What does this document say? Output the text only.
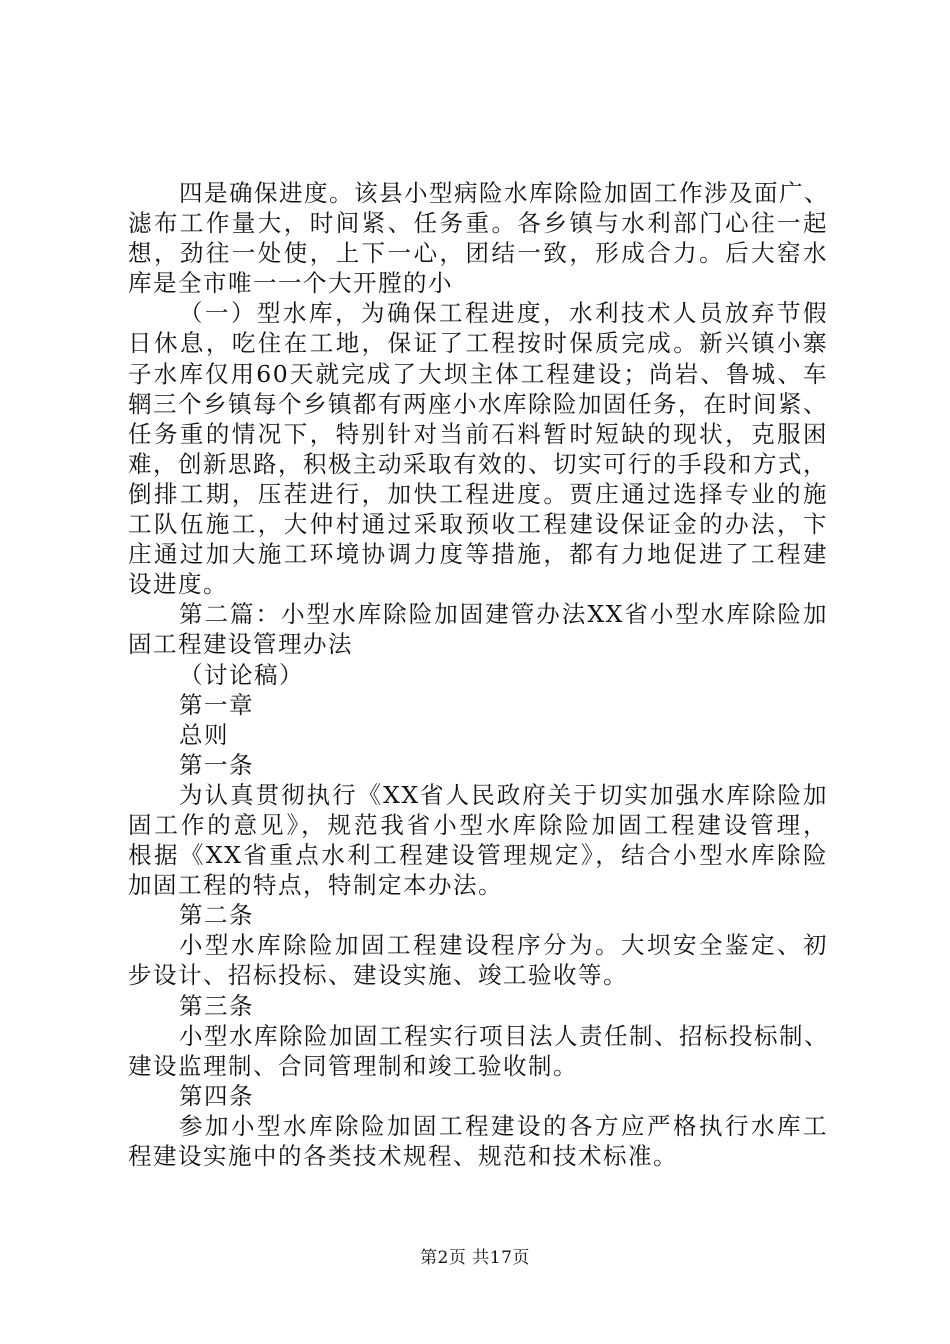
四是确保进度。该县小型病险水库除险加固工作涉及面广、
滤布工作量大，时间紧、任务重。各乡镇与水利部门心往一起
想，劲往一处使，上下一心，团结一致，形成合力。后大窑水
库是全市唯一一个大开膛的小
（一）型水库，为确保工程进度，水利技术人员放弃节假
日休息，吃住在工地，保证了工程按时保质完成。新兴镇小寨
子水库仅用60天就完成了大坝主体工程建设；尚岩、鲁城、车
辋三个乡镇每个乡镇都有两座小水库除险加固任务，在时间紧、
任务重的情况下，特别针对当前石料暂时短缺的现状，克服困
难，创新思路，积极主动采取有效的、切实可行的手段和方式，
倒排工期，压茬进行，加快工程进度。贾庄通过选择专业的施
工队伍施工，大仲村通过采取预收工程建设保证金的办法，卞
庄通过加大施工环境协调力度等措施，都有力地促进了工程建
设进度。
第二篇：小型水库除险加固建管办法XX省小型水库除险加
固工程建设管理办法
（讨论稿）
第一章
总则
第一条
为认真贯彻执行《XX省人民政府关于切实加强水库除险加
固工作的意见》，规范我省小型水库除险加固工程建设管理，
根据《XX省重点水利工程建设管理规定》，结合小型水库除险
加固工程的特点，特制定本办法。
第二条
小型水库除险加固工程建设程序分为。大坝安全鉴定、初
步设计、招标投标、建设实施、竣工验收等。
第三条
小型水库除险加固工程实行项目法人责任制、招标投标制、
建设监理制、合同管理制和竣工验收制。
第四条
参加小型水库除险加固工程建设的各方应严格执行水库工
程建设实施中的各类技术规程、规范和技术标准。
第2页 共17页
